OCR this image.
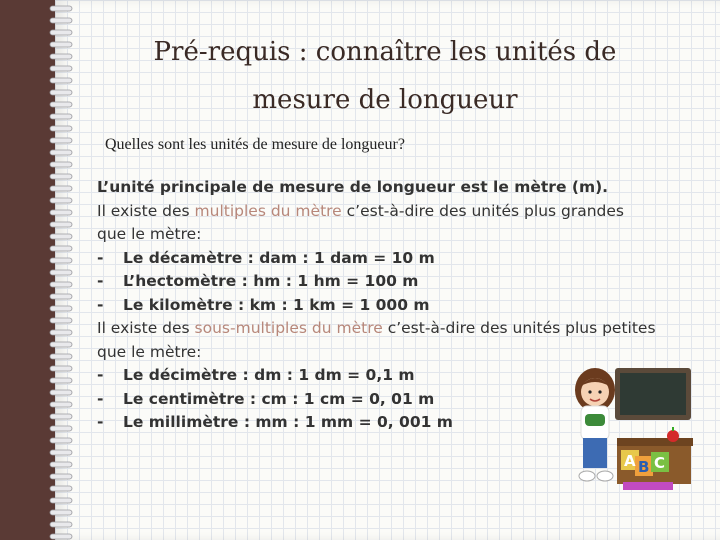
Pré-requis : connaître les unités de mesure de longueur
Quelles sont les unités de mesure de longueur?

L’unité principale de mesure de longueur est le mètre (m).

Il existe des multiples du mètre c’est-à-dire des unités plus grandes que le mètre:

- Le décamètre : dam : 1 dam = 10 m

- L’hectomètre : hm : 1 hm = 100 m

- Le kilomètre : km : 1 km = 1 000 m

Il existe des sous-multiples du mètre c’est-à-dire des unités plus petites que le mètre:

- Le décimètre : dm : 1 dm = 0,1 m

- Le centimètre : cm : 1 cm = 0, 01 m

- Le millimètre : mm : 1 mm = 0, 001 m

A B C
